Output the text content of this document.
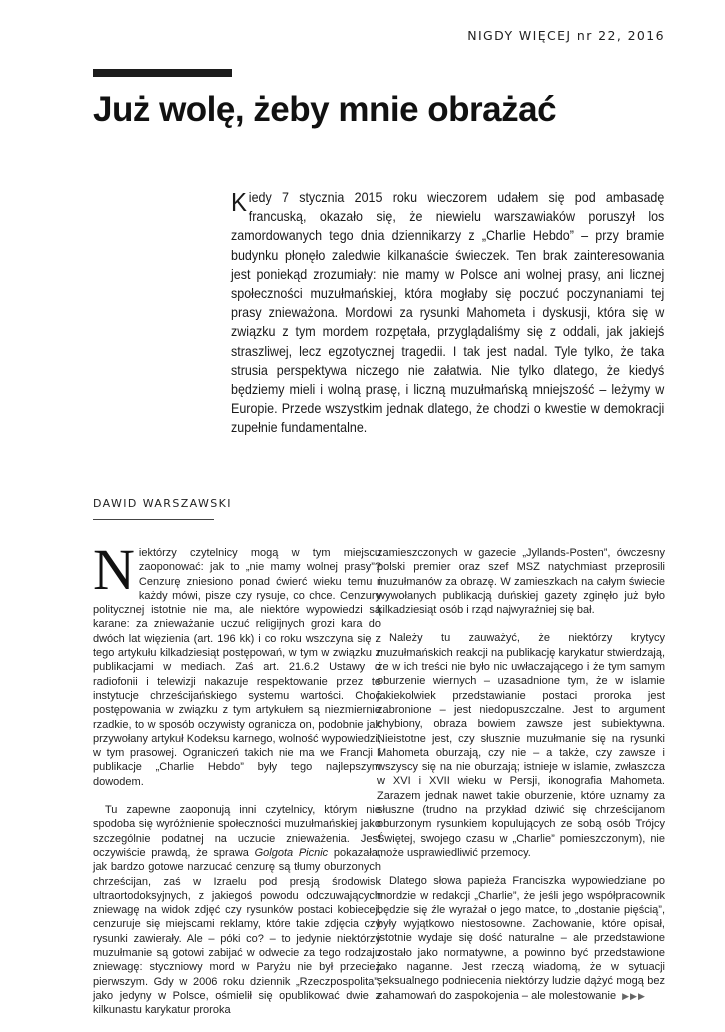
NIGDY WIĘCEJ nr 22, 2016
Już wolę, żeby mnie obrażać

Kiedy 7 stycznia 2015 roku wieczorem udałem się pod ambasadę francuską, okazało się, że niewielu warszawiaków poruszył los zamordowanych tego dnia dziennikarzy z „Charlie Hebdo” – przy bramie budynku płonęło zaledwie kilkanaście świeczek. Ten brak zainteresowania jest poniekąd zrozumiały: nie mamy w Polsce ani wolnej prasy, ani licznej społeczności muzułmańskiej, która mogłaby się poczuć poczynaniami tej prasy znieważona. Mordowi za rysunki Mahometa i dyskusji, która się w związku z tym mordem rozpętała, przyglądaliśmy się z oddali, jak jakiejś straszliwej, lecz egzotycznej tragedii. I tak jest nadal. Tyle tylko, że taka strusia perspektywa niczego nie załatwia. Nie tylko dlatego, że kiedyś będziemy mieli i wolną prasę, i liczną muzułmańską mniejszość – leżymy w Europie. Przede wszystkim jednak dlatego, że chodzi o kwestie w demokracji zupełnie fundamentalne.

DAWID WARSZAWSKI

Niektórzy czytelnicy mogą w tym miejscu zaoponować: jak to „nie mamy wolnej prasy”? Cenzurę zniesiono ponad ćwierć wieku temu i każdy mówi, pisze czy rysuje, co chce. Cenzury politycznej istotnie nie ma, ale niektóre wypowiedzi są karane: za znieważanie uczuć religijnych grozi kara do dwóch lat więzienia (art. 196 kk) i co roku wszczyna się z tego artykułu kilkadziesiąt postępowań, w tym w związku z publikacjami w mediach. Zaś art. 21.6.2 Ustawy o radiofonii i telewizji nakazuje respektowanie przez te instytucje chrześcijańskiego systemu wartości. Choć postępowania w związku z tym artykułem są niezmiernie rzadkie, to w sposób oczywisty ogranicza on, podobnie jak przywołany artykuł Kodeksu karnego, wolność wypowiedzi, w tym prasowej. Ograniczeń takich nie ma we Francji i publikacje „Charlie Hebdo” były tego najlepszym dowodem.

Tu zapewne zaoponują inni czytelnicy, którym nie spodoba się wyróżnienie społeczności muzułmańskiej jako szczególnie podatnej na uczucie znieważenia. Jest oczywiście prawdą, że sprawa Golgota Picnic pokazała, jak bardzo gotowe narzucać cenzurę są tłumy oburzonych chrześcijan, zaś w Izraelu pod presją środowisk ultraortodoksyjnych, z jakiegoś powodu odczuwających zniewagę na widok zdjęć czy rysunków postaci kobiecej, cenzuruje się miejscami reklamy, które takie zdjęcia czy rysunki zawierały. Ale – póki co? – to jedynie niektórzy muzułmanie są gotowi zabijać w odwecie za tego rodzaju zniewagę: styczniowy mord w Paryżu nie był przecież pierwszym. Gdy w 2006 roku dziennik „Rzeczpospolita”, jako jedyny w Polsce, ośmielił się opublikować dwie z kilkunastu karykatur proroka

zamieszczonych w gazecie „Jyllands-Posten”, ówczesny polski premier oraz szef MSZ natychmiast przeprosili muzułmanów za obrazę. W zamieszkach na całym świecie wywołanych publikacją duńskiej gazety zginęło już było kilkadziesiąt osób i rząd najwyraźniej się bał.

Należy tu zauważyć, że niektórzy krytycy muzułmańskich reakcji na publikację karykatur stwierdzają, że w ich treści nie było nic uwłaczającego i że tym samym oburzenie wiernych – uzasadnione tym, że w islamie jakiekolwiek przedstawianie postaci proroka jest zabronione – jest niedopuszczalne. Jest to argument chybiony, obraza bowiem zawsze jest subiektywna. Nieistotne jest, czy słusznie muzułmanie się na rysunki Mahometa oburzają, czy nie – a także, czy zawsze i wszyscy się na nie oburzają; istnieje w islamie, zwłaszcza w XVI i XVII wieku w Persji, ikonografia Mahometa. Zarazem jednak nawet takie oburzenie, które uznamy za słuszne (trudno na przykład dziwić się chrześcijanom oburzonym rysunkiem kopulujących ze sobą osób Trójcy Świętej, swojego czasu w „Charlie” pomieszczonym), nie może usprawiedliwić przemocy.

Dlatego słowa papieża Franciszka wypowiedziane po mordzie w redakcji „Charlie”, że jeśli jego współpracownik będzie się źle wyrażał o jego matce, to „dostanie pięścią”, były wyjątkowo niestosowne. Zachowanie, które opisał, istotnie wydaje się dość naturalne – ale przedstawione zostało jako normatywne, a powinno być przedstawione jako naganne. Jest rzeczą wiadomą, że w sytuacji seksualnego podniecenia niektórzy ludzie dążyć mogą bez zahamowań do zaspokojenia – ale molestowanie ▶▶▶
